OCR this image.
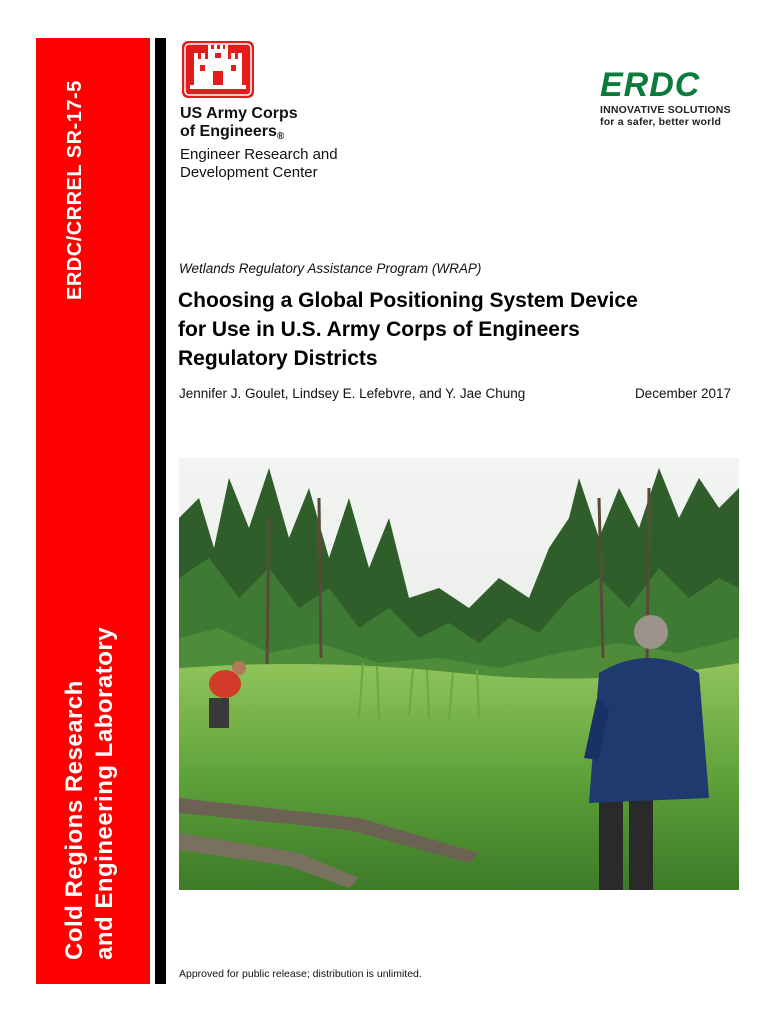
ERDC/CRREL SR-17-5
Cold Regions Research and Engineering Laboratory
US Army Corps
of Engineers®
Engineer Research and
Development Center
ERDC
INNOVATIVE SOLUTIONS
for a safer, better world
Wetlands Regulatory Assistance Program (WRAP)
Choosing a Global Positioning System Device
for Use in U.S. Army Corps of Engineers
Regulatory Districts
Jennifer J. Goulet, Lindsey E. Lefebvre, and Y. Jae Chung	December 2017
Approved for public release; distribution is unlimited.
